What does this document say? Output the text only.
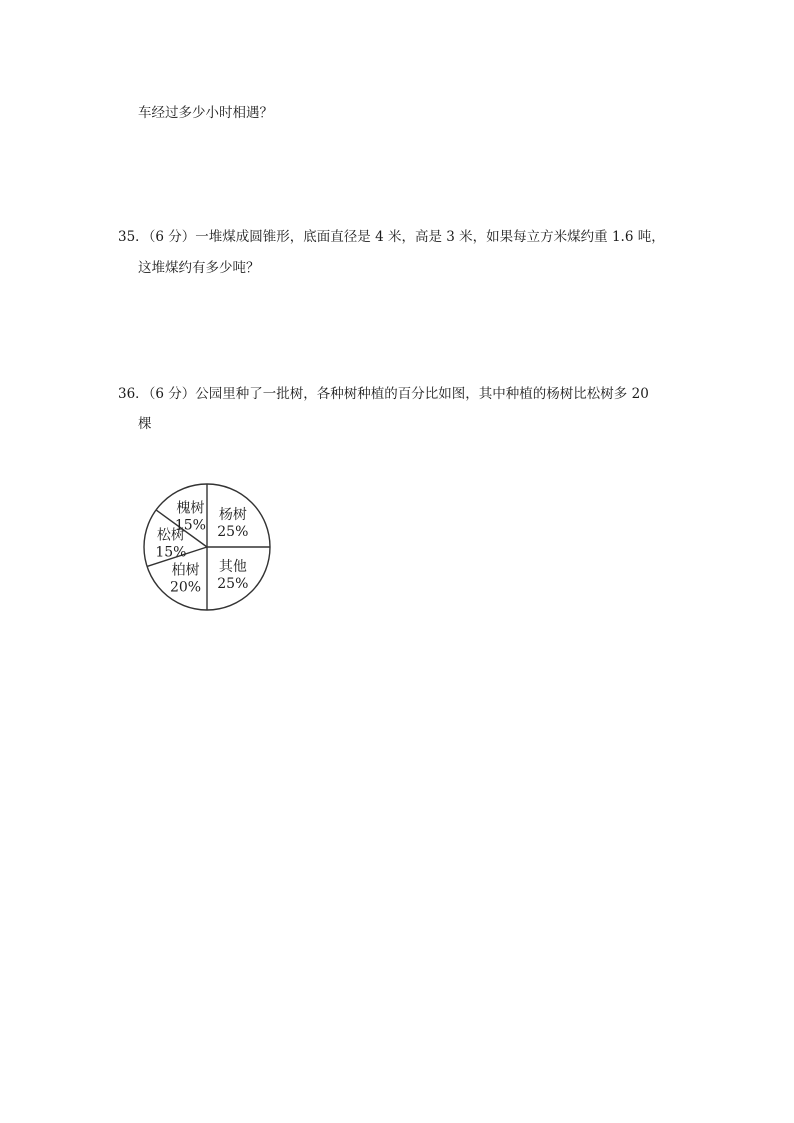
车经过多少小时相遇？
35．（6 分）一堆煤成圆锥形，底面直径是 4 米，高是 3 米，如果每立方米煤约重 1.6 吨，
这堆煤约有多少吨？
36．（6 分）公园里种了一批树，各种树种植的百分比如图，其中种植的杨树比松树多 20
棵
杨树
25%
其他
25%
柏树
20%
松树
15%
槐树
15%
